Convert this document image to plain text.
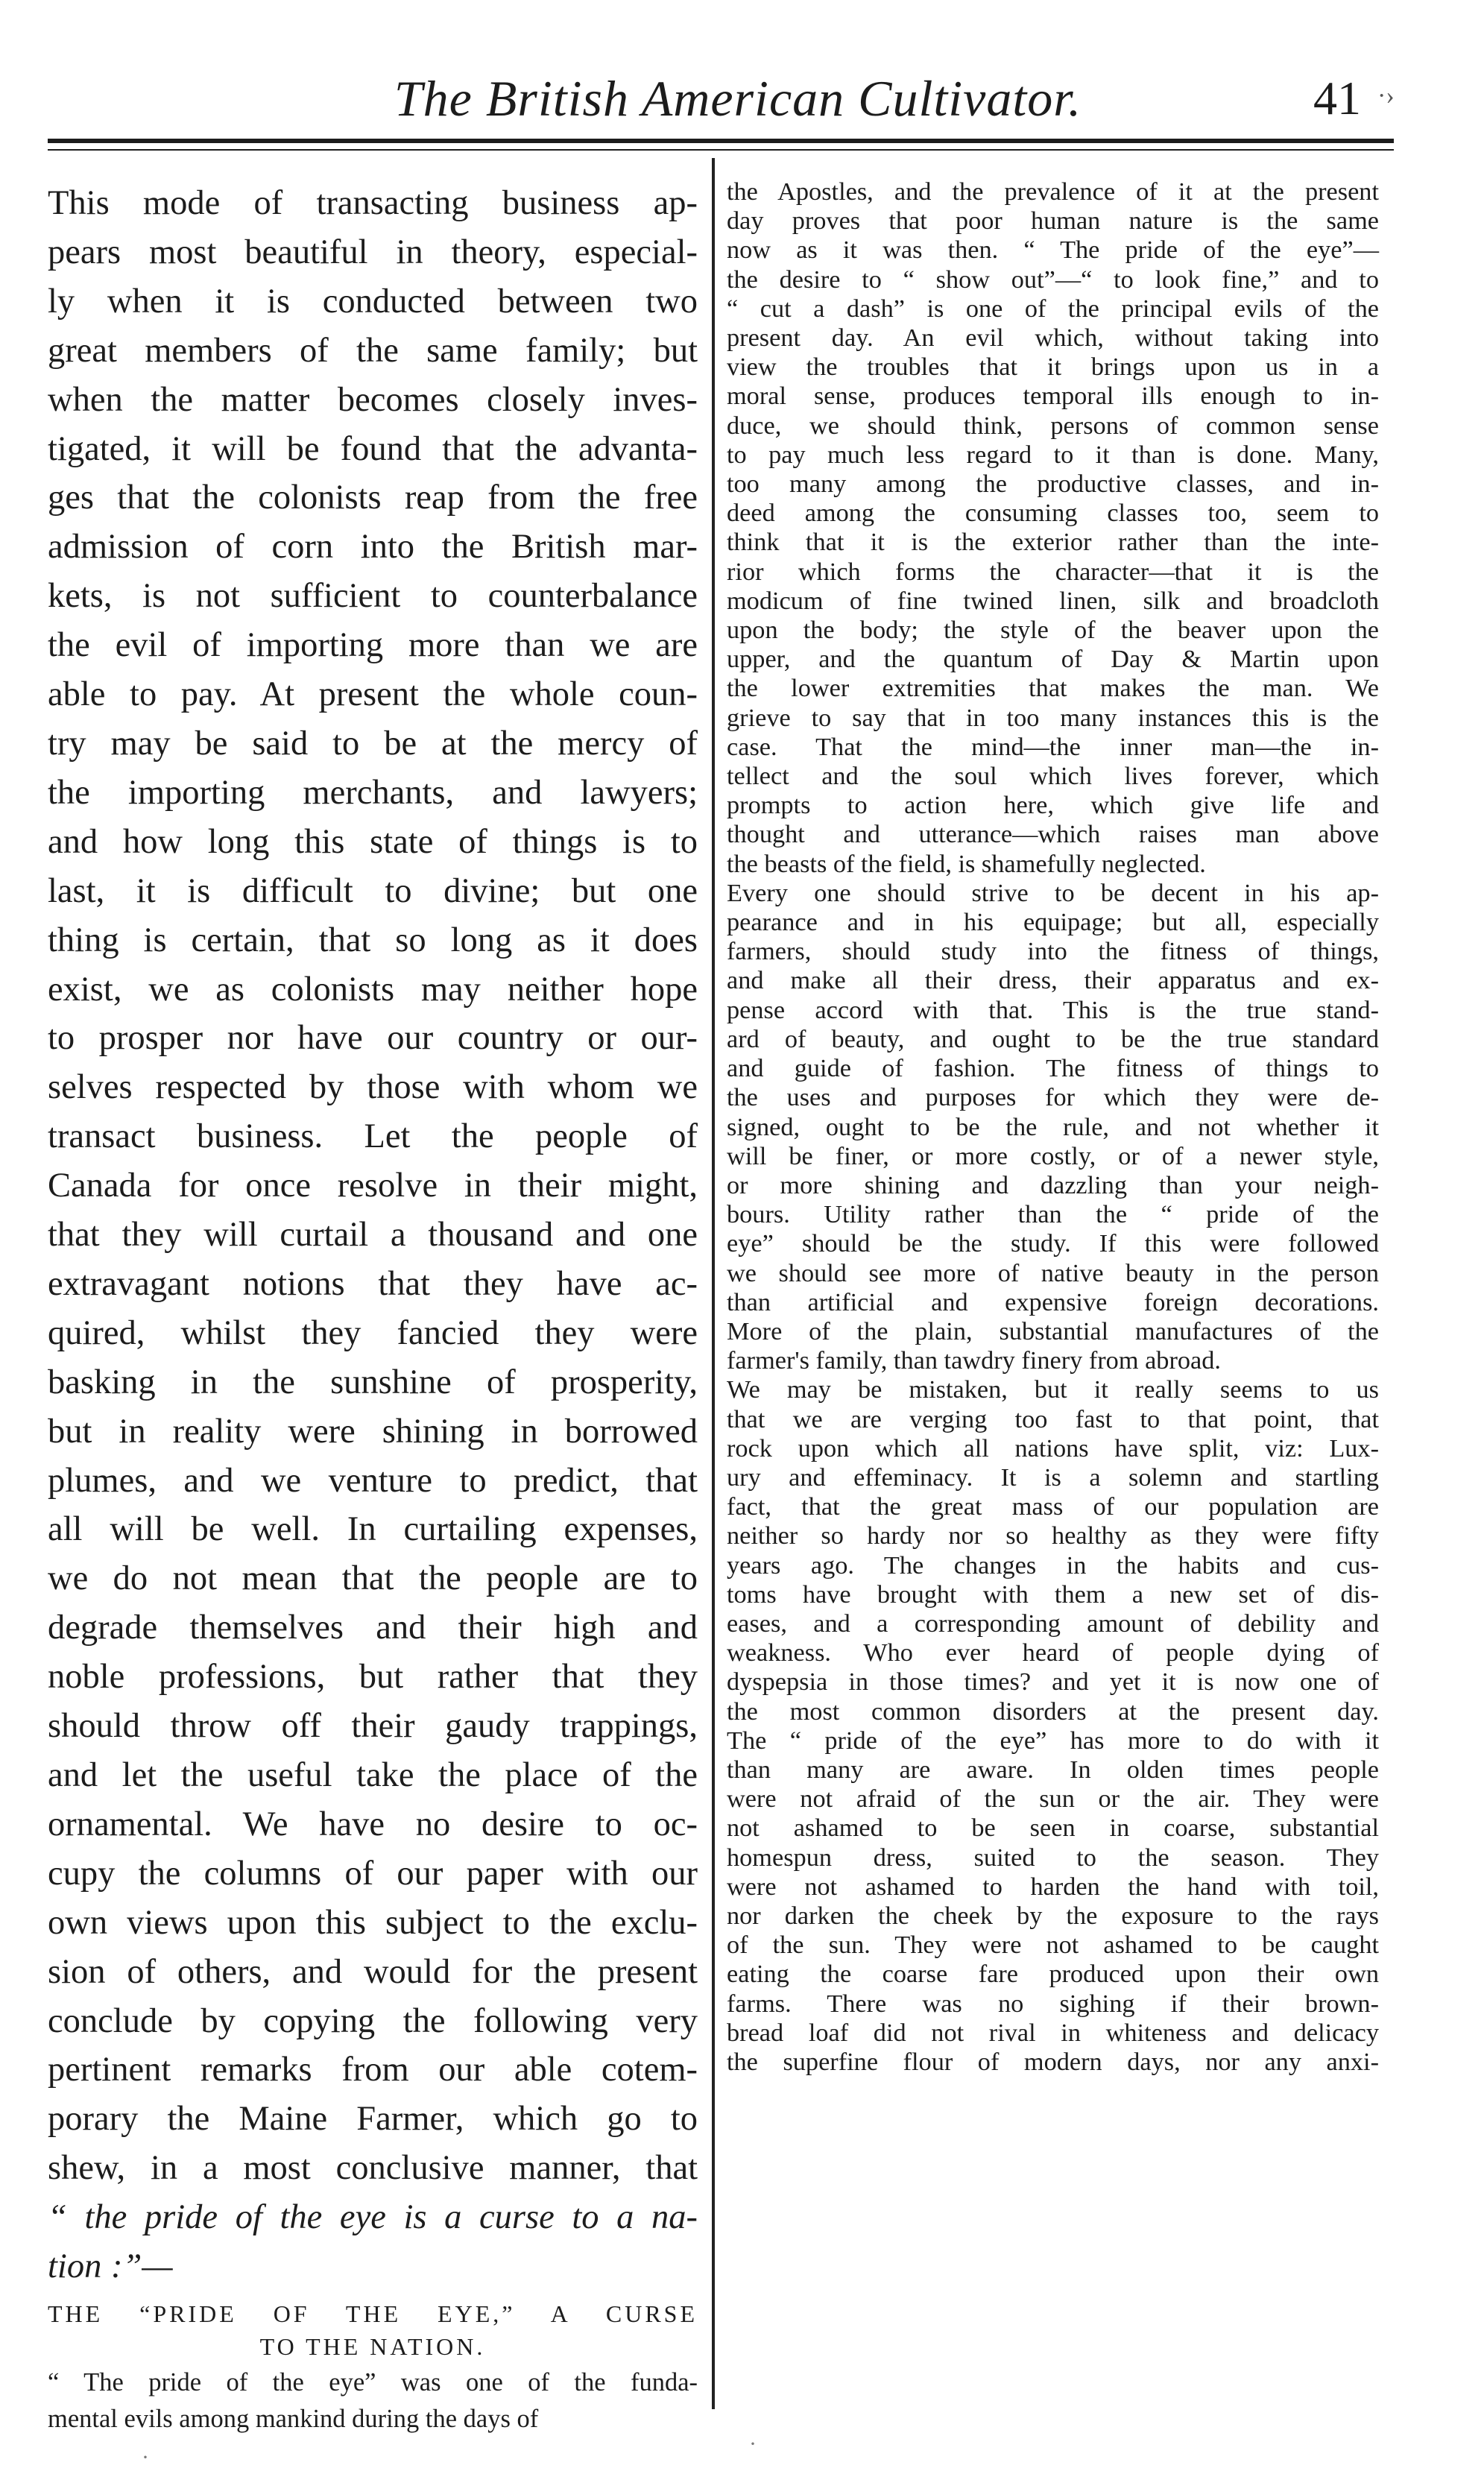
The British American Cultivator.	41 ·›

This mode of transacting business ap-

pears most beautiful in theory, especial-

ly when it is conducted between two

great members of the same family; but

when the matter becomes closely inves-

tigated, it will be found that the advanta-

ges that the colonists reap from the free

admission of corn into the British mar-

kets, is not sufficient to counterbalance

the evil of importing more than we are

able to pay. At present the whole coun-

try may be said to be at the mercy of

the importing merchants, and lawyers;

and how long this state of things is to

last, it is difficult to divine; but one

thing is certain, that so long as it does

exist, we as colonists may neither hope

to prosper nor have our country or our-

selves respected by those with whom we

transact business. Let the people of

Canada for once resolve in their might,

that they will curtail a thousand and one

extravagant notions that they have ac-

quired, whilst they fancied they were

basking in the sunshine of prosperity,

but in reality were shining in borrowed

plumes, and we venture to predict, that

all will be well. In curtailing expenses,

we do not mean that the people are to

degrade themselves and their high and

noble professions, but rather that they

should throw off their gaudy trappings,

and let the useful take the place of the

ornamental. We have no desire to oc-

cupy the columns of our paper with our

own views upon this subject to the exclu-

sion of others, and would for the present

conclude by copying the following very

pertinent remarks from our able cotem-

porary the Maine Farmer, which go to

shew, in a most conclusive manner, that

“ the pride of the eye is a curse to a na-

tion :”—

THE “PRIDE OF THE EYE,” A CURSE

TO THE NATION.

“ The pride of the eye” was one of the funda-

mental evils among mankind during the days of

the Apostles, and the prevalence of it at the present

day proves that poor human nature is the same

now as it was then. “ The pride of the eye”—

the desire to “ show out”—“ to look fine,” and to

“ cut a dash” is one of the principal evils of the

present day. An evil which, without taking into

view the troubles that it brings upon us in a

moral sense, produces temporal ills enough to in-

duce, we should think, persons of common sense

to pay much less regard to it than is done. Many,

too many among the productive classes, and in-

deed among the consuming classes too, seem to

think that it is the exterior rather than the inte-

rior which forms the character—that it is the

modicum of fine twined linen, silk and broadcloth

upon the body; the style of the beaver upon the

upper, and the quantum of Day & Martin upon

the lower extremities that makes the man. We

grieve to say that in too many instances this is the

case. That the mind—the inner man—the in-

tellect and the soul which lives forever, which

prompts to action here, which give life and

thought and utterance—which raises man above

the beasts of the field, is shamefully neglected.

Every one should strive to be decent in his ap-

pearance and in his equipage; but all, especially

farmers, should study into the fitness of things,

and make all their dress, their apparatus and ex-

pense accord with that. This is the true stand-

ard of beauty, and ought to be the true standard

and guide of fashion. The fitness of things to

the uses and purposes for which they were de-

signed, ought to be the rule, and not whether it

will be finer, or more costly, or of a newer style,

or more shining and dazzling than your neigh-

bours. Utility rather than the “ pride of the

eye” should be the study. If this were followed

we should see more of native beauty in the person

than artificial and expensive foreign decorations.

More of the plain, substantial manufactures of the

farmer's family, than tawdry finery from abroad.

We may be mistaken, but it really seems to us

that we are verging too fast to that point, that

rock upon which all nations have split, viz: Lux-

ury and effeminacy. It is a solemn and startling

fact, that the great mass of our population are

neither so hardy nor so healthy as they were fifty

years ago. The changes in the habits and cus-

toms have brought with them a new set of dis-

eases, and a corresponding amount of debility and

weakness. Who ever heard of people dying of

dyspepsia in those times? and yet it is now one of

the most common disorders at the present day.

The “ pride of the eye” has more to do with it

than many are aware. In olden times people

were not afraid of the sun or the air. They were

not ashamed to be seen in coarse, substantial

homespun dress, suited to the season. They

were not ashamed to harden the hand with toil,

nor darken the cheek by the exposure to the rays

of the sun. They were not ashamed to be caught

eating the coarse fare produced upon their own

farms. There was no sighing if their brown-

bread loaf did not rival in whiteness and delicacy

the superfine flour of modern days, nor any anxi-

·
·
